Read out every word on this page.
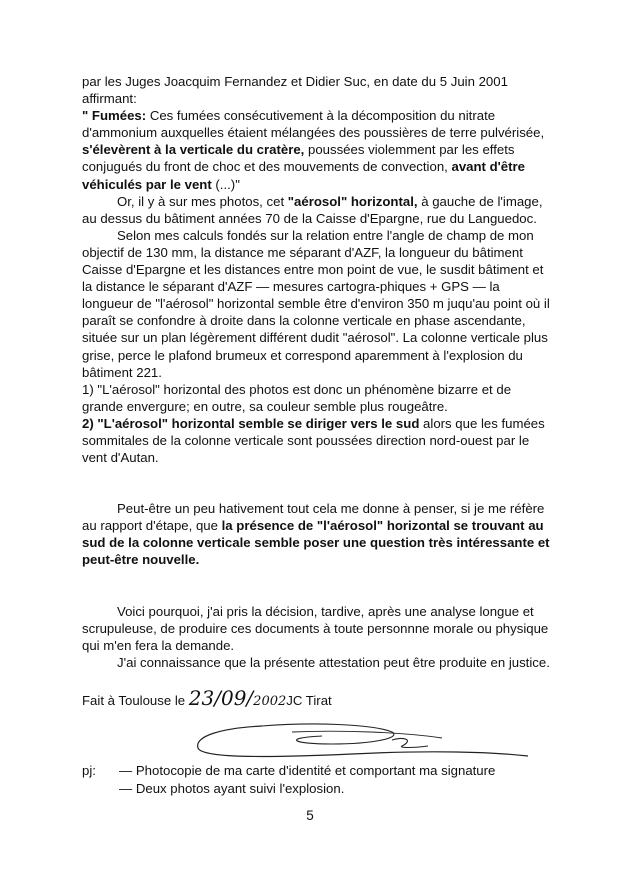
par les Juges Joacquim Fernandez et Didier Suc, en date du 5 Juin 2001 affirmant:

" Fumées: Ces fumées consécutivement à la décomposition du nitrate d'ammonium auxquelles étaient mélangées des poussières de terre pulvérisée, s'élevèrent à la verticale du cratère, poussées violemment par les effets conjugués du front de choc et des mouvements de convection, avant d'être véhiculés par le vent (...)"

Or, il y à sur mes photos, cet "aérosol" horizontal, à gauche de l'image, au dessus du bâtiment années 70 de la Caisse d'Epargne, rue du Languedoc.

Selon mes calculs fondés sur la relation entre l'angle de champ de mon objectif de 130 mm, la distance me séparant d'AZF, la longueur du bâtiment Caisse d'Epargne et les distances entre mon point de vue, le susdit bâtiment et la distance le séparant d'AZF — mesures cartogra-phiques + GPS — la longueur de "l'aérosol" horizontal semble être d'environ 350 m juqu'au point où il paraît se confondre à droite dans la colonne verticale en phase ascendante, située sur un plan légèrement différent dudit "aérosol". La colonne verticale plus grise, perce le plafond brumeux et correspond aparemment à l'explosion du bâtiment 221.

1) "L'aérosol" horizontal des photos est donc un phénomène bizarre et de grande envergure; en outre, sa couleur semble plus rougeâtre.

2) "L'aérosol" horizontal semble se diriger vers le sud alors que les fumées sommitales de la colonne verticale sont poussées direction nord-ouest par le vent d'Autan.

Peut-être un peu hativement tout cela me donne à penser, si je me réfère au rapport d'étape, que la présence de "l'aérosol" horizontal se trouvant au sud de la colonne verticale semble poser une question très intéressante et peut-être nouvelle.

Voici pourquoi, j'ai pris la décision, tardive, après une analyse longue et scrupuleuse, de produire ces documents à toute personnne morale ou physique qui m'en fera la demande.

J'ai connaissance que la présente attestation peut être produite en justice.

Fait à Toulouse le 23/09/2002JC Tirat
pj: — Photocopie de ma carte d'identité et comportant ma signature
— Deux photos ayant suivi l'explosion.
5
